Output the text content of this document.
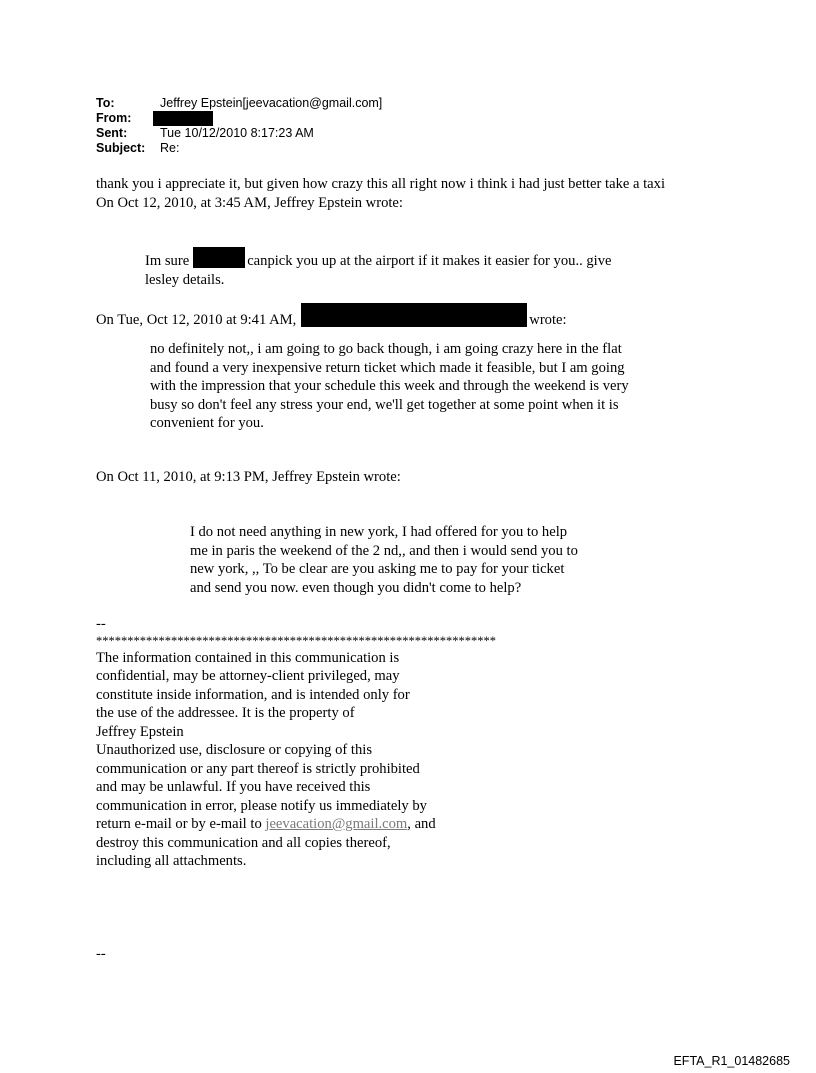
To:	Jeffrey Epstein[jeevacation@gmail.com]
From:
Sent:	Tue 10/12/2010 8:17:23 AM
Subject:	Re:

thank you i appreciate it, but given how crazy this all right now i think i had just better take a taxi

On Oct 12, 2010, at 3:45 AM, Jeffrey Epstein wrote:

Im sure	canpick you up at the airport if it makes it easier for you.. give

lesley details.

On Tue, Oct 12, 2010 at 9:41 AM,	wrote:

no definitely not,, i am going to go back though, i am going crazy here in the flat

and found a very inexpensive return ticket which made it feasible, but I am going

with the impression that your schedule this week and through the weekend is very

busy so don't feel any stress your end, we'll get together at some point when it is

convenient for you.

On Oct 11, 2010, at 9:13 PM, Jeffrey Epstein wrote:

I do not need anything in new york, I had offered for you to help

me in paris the weekend of the 2 nd,, and then i would send you to

new york, ,, To be clear are you asking me to pay for your ticket

and send you now. even though you didn't come to help?

--

****************************************************************

The information contained in this communication is

confidential, may be attorney-client privileged, may

constitute inside information, and is intended only for

the use of the addressee. It is the property of

Jeffrey Epstein

Unauthorized use, disclosure or copying of this

communication or any part thereof is strictly prohibited

and may be unlawful. If you have received this

communication in error, please notify us immediately by

return e-mail or by e-mail to jeevacation@gmail.com, and

destroy this communication and all copies thereof,

including all attachments.

--

EFTA_R1_01482685
